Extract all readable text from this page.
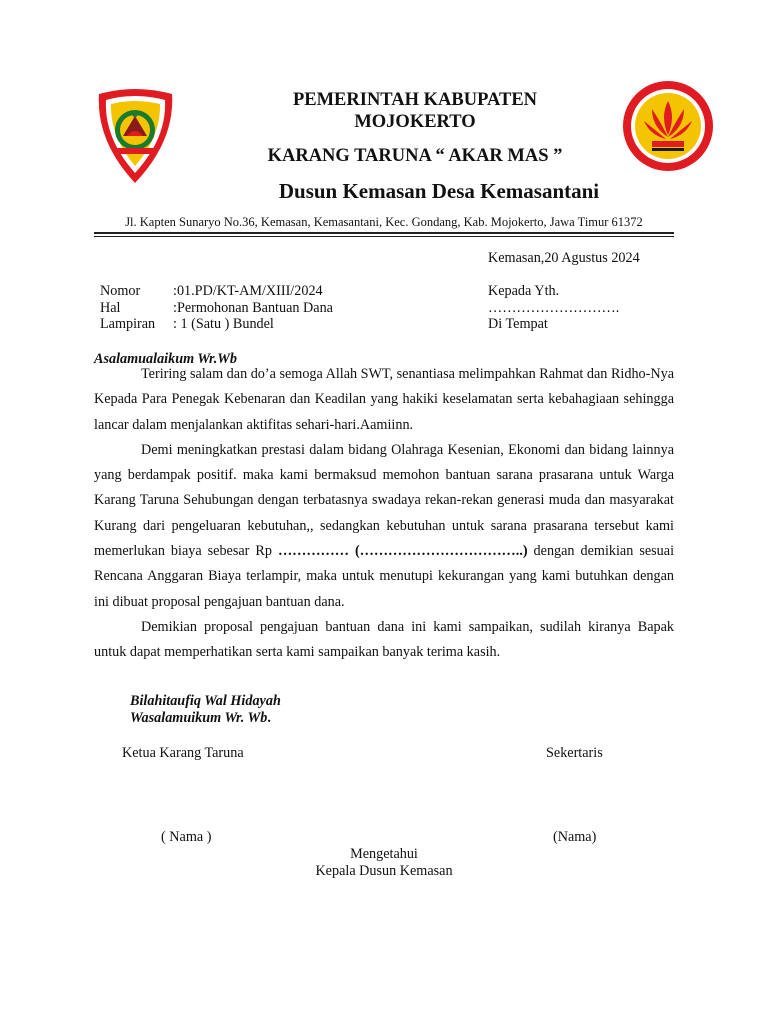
PEMERINTAH KABUPATEN
MOJOKERTO
KARANG TARUNA “ AKAR MAS ”
Dusun Kemasan Desa Kemasantani
Jl. Kapten Sunaryo No.36, Kemasan, Kemasantani, Kec. Gondang, Kab. Mojokerto, Jawa Timur 61372
Kemasan,20 Agustus 2024
Nomor	:01.PD/KT-AM/XIII/2024
Hal	:Permohonan Bantuan Dana
Lampiran	: 1 (Satu ) Bundel
Kepada Yth.
……………………….
Di Tempat
Asalamualaikum Wr.Wb

Teriring salam dan do’a semoga Allah SWT, senantiasa melimpahkan Rahmat dan Ridho-Nya Kepada Para Penegak Kebenaran dan Keadilan yang hakiki keselamatan serta kebahagiaan sehingga lancar dalam menjalankan aktifitas sehari-hari.Aamiinn.

Demi meningkatkan prestasi dalam bidang Olahraga Kesenian, Ekonomi dan bidang lainnya yang berdampak positif. maka kami bermaksud memohon bantuan sarana prasarana untuk Warga Karang Taruna Sehubungan dengan terbatasnya swadaya rekan-rekan generasi muda dan masyarakat Kurang dari pengeluaran kebutuhan,, sedangkan kebutuhan untuk sarana prasarana tersebut kami memerlukan biaya sebesar Rp …………… (……………………………..) dengan demikian sesuai Rencana Anggaran Biaya terlampir, maka untuk menutupi kekurangan yang kami butuhkan dengan ini dibuat proposal pengajuan bantuan dana.

Demikian proposal pengajuan bantuan dana ini kami sampaikan, sudilah kiranya Bapak untuk dapat memperhatikan serta kami sampaikan banyak terima kasih.

Bilahitaufiq Wal Hidayah
Wasalamuikum Wr. Wb.
Ketua Karang Taruna	Sekertaris
( Nama )	(Nama)
Mengetahui
Kepala Dusun Kemasan
